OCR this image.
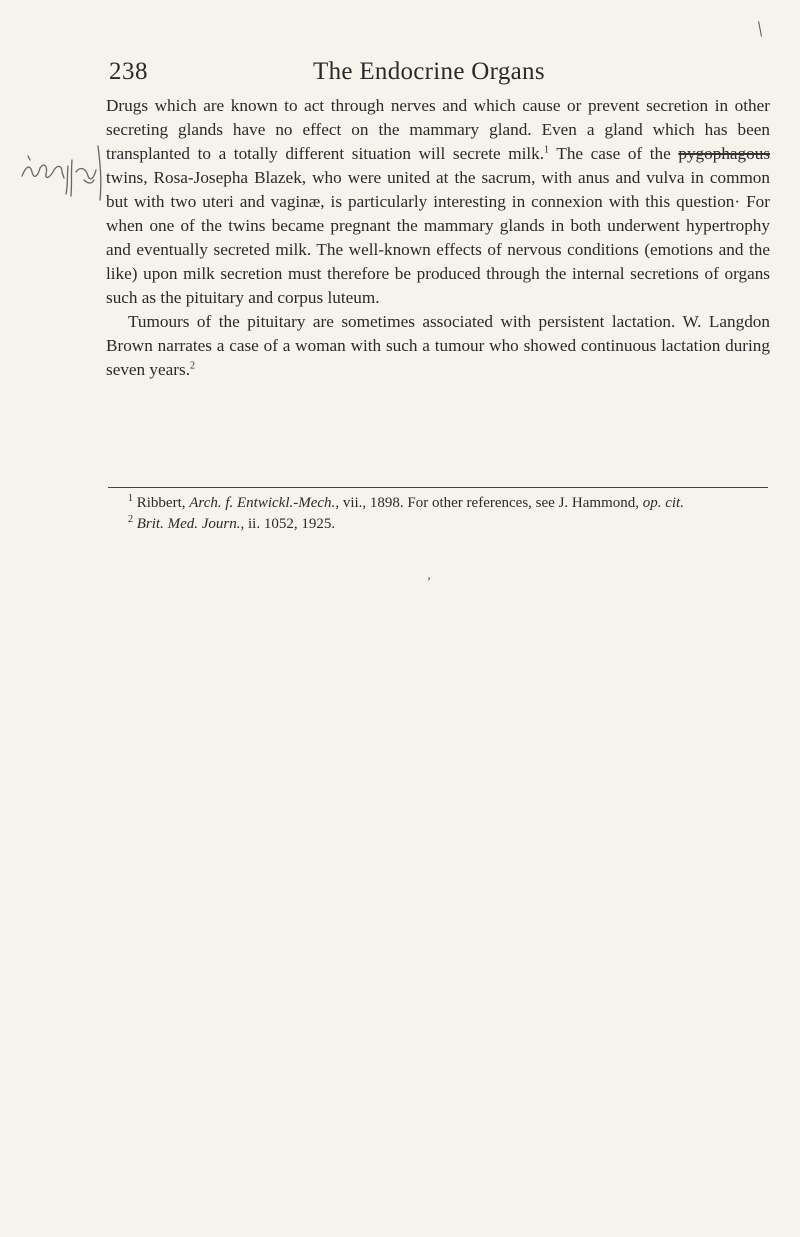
238	The Endocrine Organs
\

Drugs which are known to act through nerves and which cause or prevent secretion in other secreting glands have no effect on the mammary gland. Even a gland which has been transplanted to a totally different situation will secrete milk.$^1$ The case of the pygophagous twins, Rosa-Josepha Blazek, who were united at the sacrum, with anus and vulva in common but with two uteri and vaginæ, is particularly interesting in connexion with this question· For when one of the twins became pregnant the mammary glands in both underwent hypertrophy and eventually secreted milk. The well-known effects of nervous conditions (emotions and the like) upon milk secretion must therefore be produced through the internal secretions of organs such as the pituitary and corpus luteum.

Tumours of the pituitary are sometimes associated with persistent lactation. W. Langdon Brown narrates a case of a woman with such a tumour who showed continuous lactation during seven years.$^2$

$^1$ Ribbert, Arch. f. Entwickl.-Mech., vii., 1898. For other references, see J. Hammond, op. cit.

$^2$ Brit. Med. Journ., ii. 1052, 1925.

’
